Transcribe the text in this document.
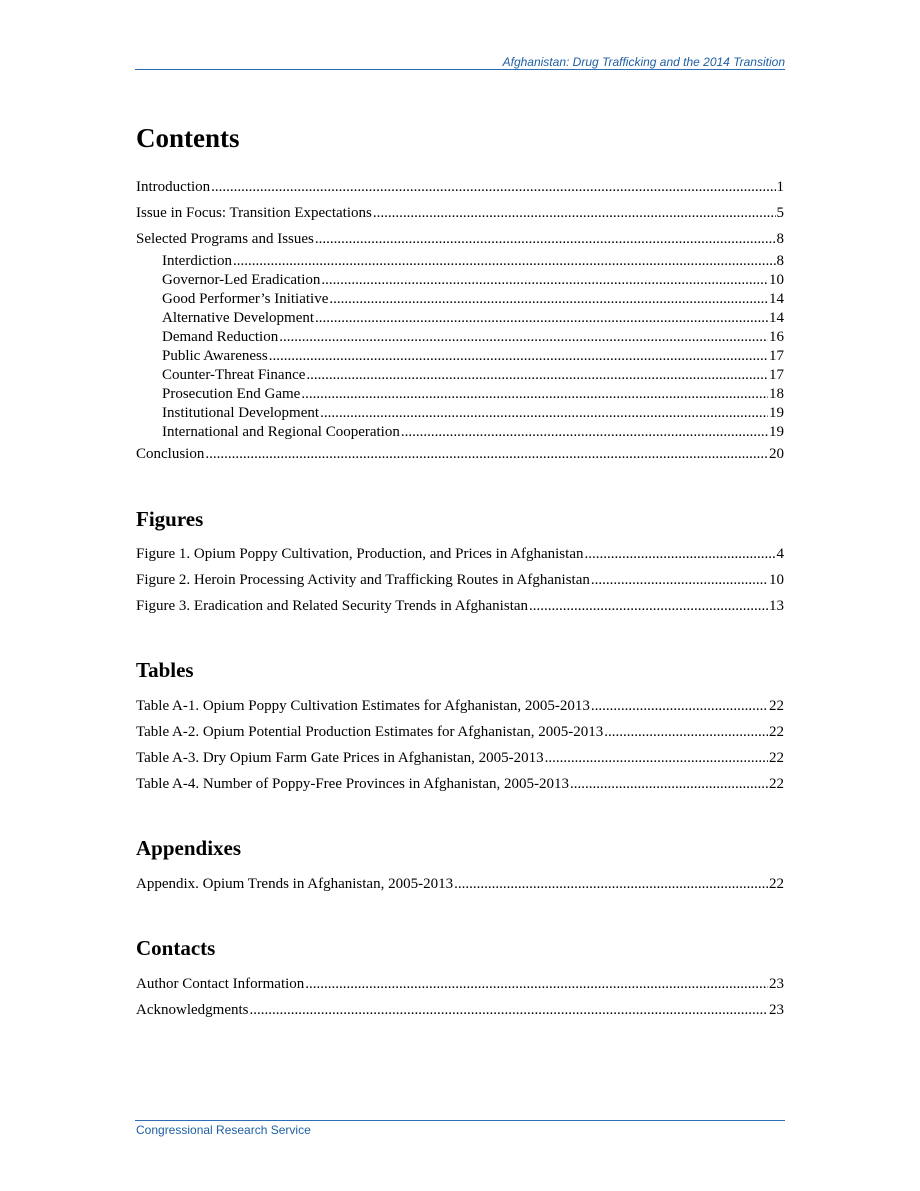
Afghanistan: Drug Trafficking and the 2014 Transition
Contents
Introduction .....	1
Issue in Focus: Transition Expectations .....	5
Selected Programs and Issues .....	8
Interdiction .....	8
Governor-Led Eradication .....	10
Good Performer’s Initiative .....	14
Alternative Development .....	14
Demand Reduction .....	16
Public Awareness .....	17
Counter-Threat Finance .....	17
Prosecution End Game .....	18
Institutional Development .....	19
International and Regional Cooperation .....	19
Conclusion .....	20
Figures
Figure 1. Opium Poppy Cultivation, Production, and Prices in Afghanistan .....	4
Figure 2. Heroin Processing Activity and Trafficking Routes in Afghanistan .....	10
Figure 3. Eradication and Related Security Trends in Afghanistan .....	13
Tables
Table A-1. Opium Poppy Cultivation Estimates for Afghanistan, 2005-2013 .....	22
Table A-2. Opium Potential Production Estimates for Afghanistan, 2005-2013 .....	22
Table A-3. Dry Opium Farm Gate Prices in Afghanistan, 2005-2013 .....	22
Table A-4. Number of Poppy-Free Provinces in Afghanistan, 2005-2013 .....	22
Appendixes
Appendix. Opium Trends in Afghanistan, 2005-2013 .....	22
Contacts
Author Contact Information .....	23
Acknowledgments .....	23
Congressional Research Service
